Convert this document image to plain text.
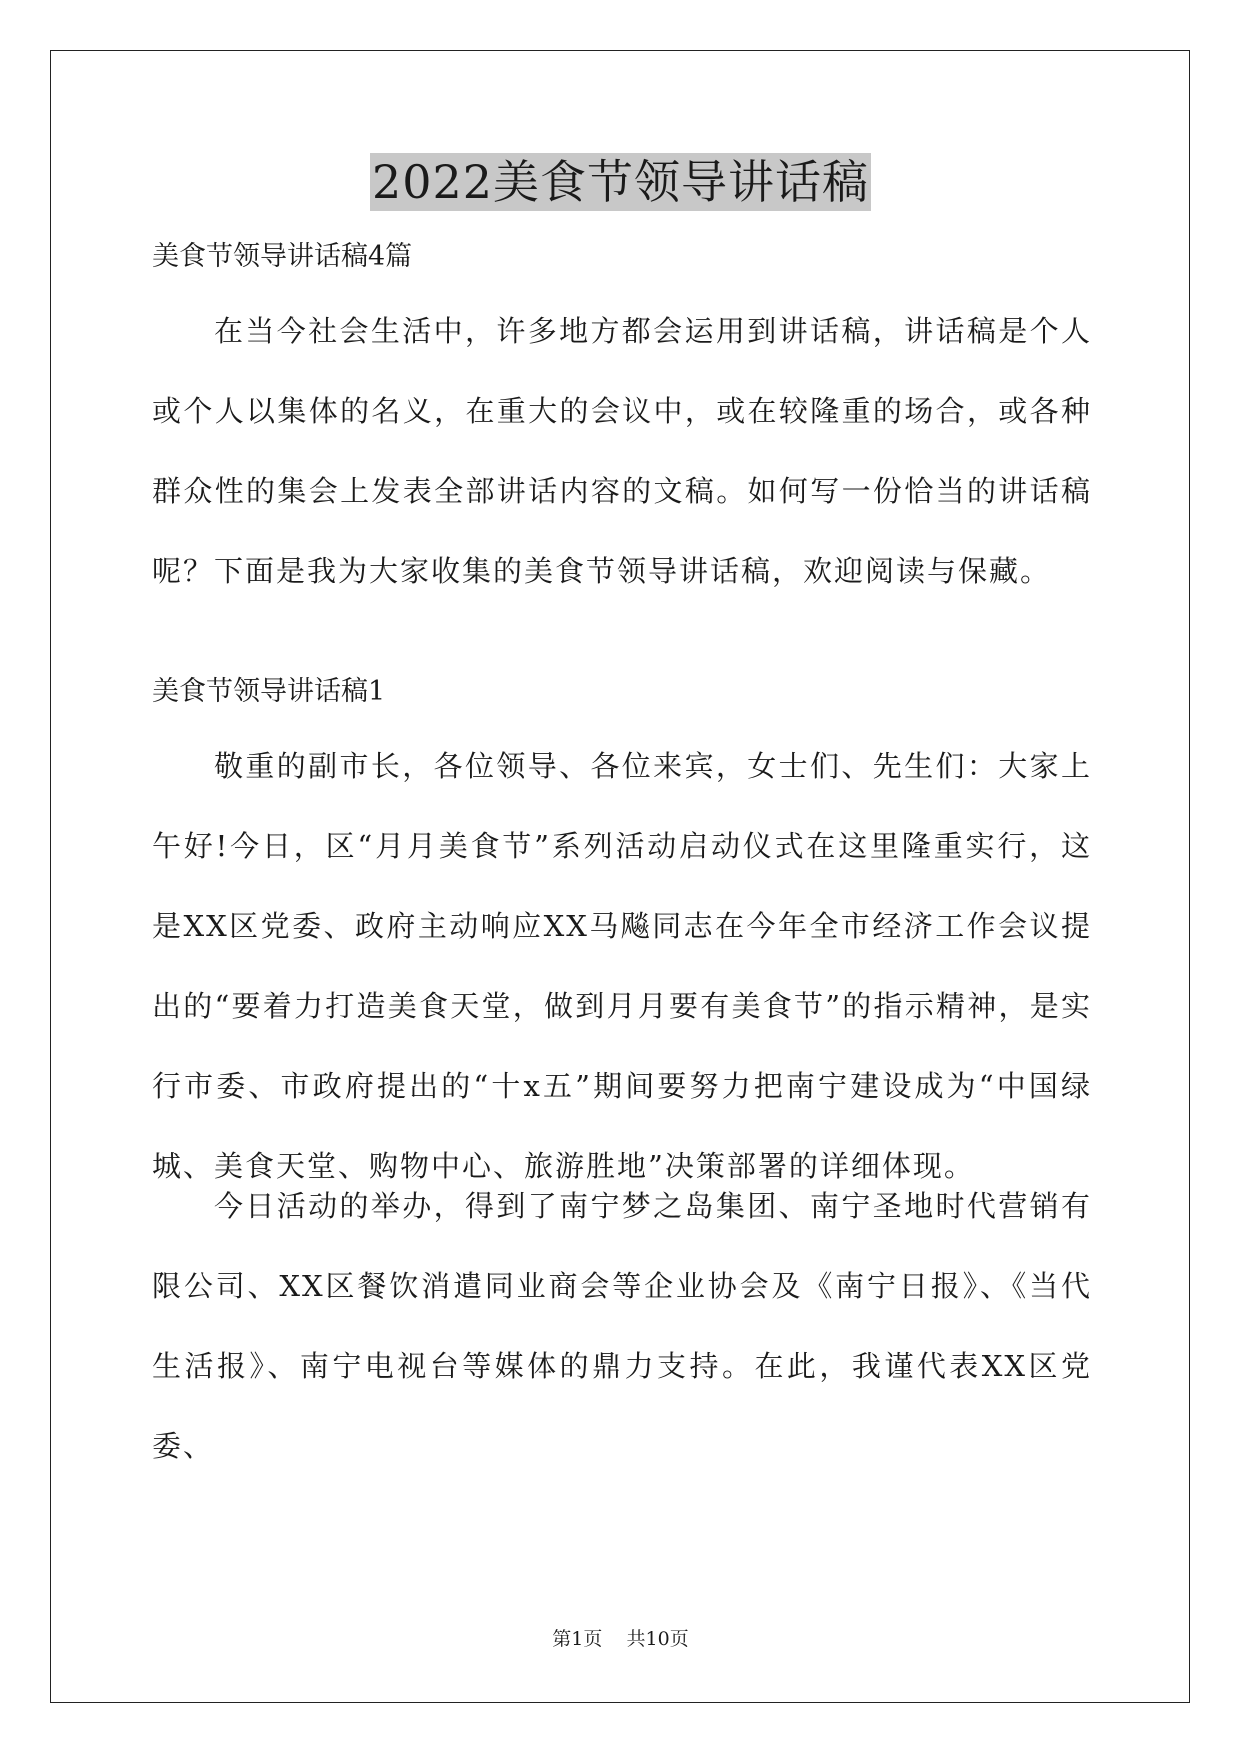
2022美食节领导讲话稿

美食节领导讲话稿4篇

在当今社会生活中，许多地方都会运用到讲话稿，讲话稿是个人或个人以集体的名义，在重大的会议中，或在较隆重的场合，或各种群众性的集会上发表全部讲话内容的文稿。如何写一份恰当的讲话稿呢？下面是我为大家收集的美食节领导讲话稿，欢迎阅读与保藏。

美食节领导讲话稿1

敬重的副市长，各位领导、各位来宾，女士们、先生们：大家上午好!今日，区“月月美食节”系列活动启动仪式在这里隆重实行，这是XX区党委、政府主动响应XX马飚同志在今年全市经济工作会议提出的“要着力打造美食天堂，做到月月要有美食节”的指示精神，是实行市委、市政府提出的“十x五”期间要努力把南宁建设成为“中国绿城、美食天堂、购物中心、旅游胜地”决策部署的详细体现。

今日活动的举办，得到了南宁梦之岛集团、南宁圣地时代营销有限公司、XX区餐饮消遣同业商会等企业协会及《南宁日报》、《当代生活报》、南宁电视台等媒体的鼎力支持。在此，我谨代表XX区党委、

第1页 共10页
